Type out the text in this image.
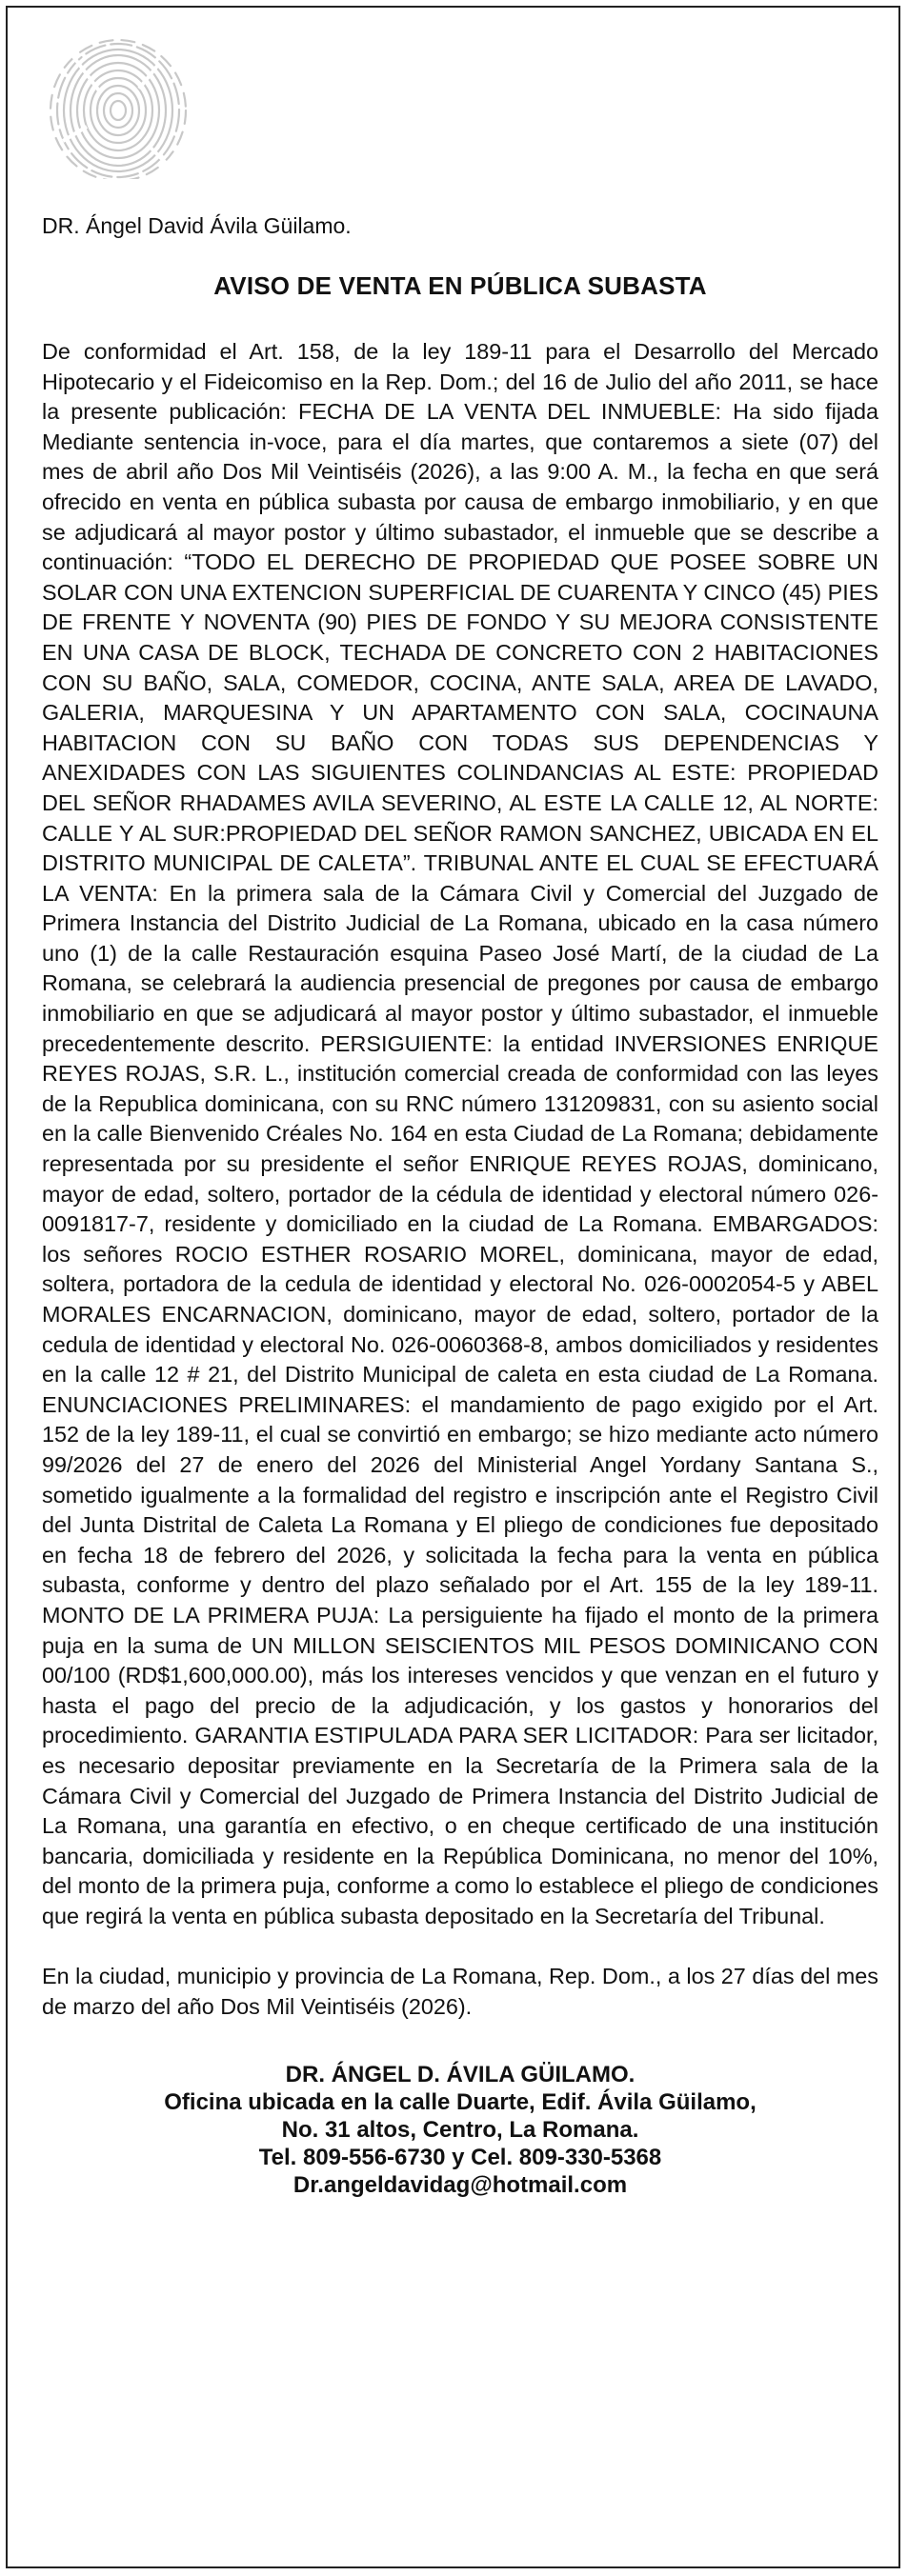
DR. Ángel David Ávila Güilamo.

AVISO DE VENTA EN PÚBLICA SUBASTA

De conformidad el Art. 158, de la ley 189-11 para el Desarrollo del Mercado Hipotecario y el Fideicomiso en la Rep. Dom.; del 16 de Julio del año 2011, se hace la presente publicación: FECHA DE LA VENTA DEL INMUEBLE: Ha sido fijada Mediante sentencia in-voce, para el día martes, que contaremos a siete (07) del mes de abril año Dos Mil Veintiséis (2026), a las 9:00 A. M., la fecha en que será ofrecido en venta en pública subasta por causa de embargo inmobiliario, y en que se adjudicará al mayor postor y último subastador, el inmueble que se describe a continuación: “TODO EL DERECHO DE PROPIEDAD QUE POSEE SOBRE UN SOLAR CON UNA EXTENCION SUPERFICIAL DE CUARENTA Y CINCO (45) PIES DE FRENTE Y NOVENTA (90) PIES DE FONDO Y SU MEJORA CONSISTENTE EN UNA CASA DE BLOCK, TECHADA DE CONCRETO CON 2 HABITACIONES CON SU BAÑO, SALA, COMEDOR, COCINA, ANTE SALA, AREA DE LAVADO, GALERIA, MARQUESINA Y UN APARTAMENTO CON SALA, COCINAUNA HABITACION CON SU BAÑO CON TODAS SUS DEPENDENCIAS Y ANEXIDADES CON LAS SIGUIENTES COLINDANCIAS AL ESTE: PROPIEDAD DEL SEÑOR RHADAMES AVILA SEVERINO, AL ESTE LA CALLE 12, AL NORTE: CALLE Y AL SUR:PROPIEDAD DEL SEÑOR RAMON SANCHEZ, UBICADA EN EL DISTRITO MUNICIPAL DE CALETA”. TRIBUNAL ANTE EL CUAL SE EFECTUARÁ LA VENTA: En la primera sala de la Cámara Civil y Comercial del Juzgado de Primera Instancia del Distrito Judicial de La Romana, ubicado en la casa número uno (1) de la calle Restauración esquina Paseo José Martí, de la ciudad de La Romana, se celebrará la audiencia presencial de pregones por causa de embargo inmobiliario en que se adjudicará al mayor postor y último subastador, el inmueble precedentemente descrito. PERSIGUIENTE: la entidad INVERSIONES ENRIQUE REYES ROJAS, S.R. L., institución comercial creada de conformidad con las leyes de la Republica dominicana, con su RNC número 131209831, con su asiento social en la calle Bienvenido Créales No. 164 en esta Ciudad de La Romana; debidamente representada por su presidente el señor ENRIQUE REYES ROJAS, dominicano, mayor de edad, soltero, portador de la cédula de identidad y electoral número 026-0091817-7, residente y domiciliado en la ciudad de La Romana. EMBARGADOS: los señores ROCIO ESTHER ROSARIO MOREL, dominicana, mayor de edad, soltera, portadora de la cedula de identidad y electoral No. 026-0002054-5 y ABEL MORALES ENCARNACION, dominicano, mayor de edad, soltero, portador de la cedula de identidad y electoral No. 026-0060368-8, ambos domiciliados y residentes en la calle 12 # 21, del Distrito Municipal de caleta en esta ciudad de La Romana. ENUNCIACIONES PRELIMINARES: el mandamiento de pago exigido por el Art. 152 de la ley 189-11, el cual se convirtió en embargo; se hizo mediante acto número 99/2026 del 27 de enero del 2026 del Ministerial Angel Yordany Santana S., sometido igualmente a la formalidad del registro e inscripción ante el Registro Civil del Junta Distrital de Caleta La Romana y El pliego de condiciones fue depositado en fecha 18 de febrero del 2026, y solicitada la fecha para la venta en pública subasta, conforme y dentro del plazo señalado por el Art. 155 de la ley 189-11. MONTO DE LA PRIMERA PUJA: La persiguiente ha fijado el monto de la primera puja en la suma de UN MILLON SEISCIENTOS MIL PESOS DOMINICANO CON 00/100 (RD$1,600,000.00), más los intereses vencidos y que venzan en el futuro y hasta el pago del precio de la adjudicación, y los gastos y honorarios del procedimiento. GARANTIA ESTIPULADA PARA SER LICITADOR: Para ser licitador, es necesario depositar previamente en la Secretaría de la Primera sala de la Cámara Civil y Comercial del Juzgado de Primera Instancia del Distrito Judicial de La Romana, una garantía en efectivo, o en cheque certificado de una institución bancaria, domiciliada y residente en la República Dominicana, no menor del 10%, del monto de la primera puja, conforme a como lo establece el pliego de condiciones que regirá la venta en pública subasta depositado en la Secretaría del Tribunal.

En la ciudad, municipio y provincia de La Romana, Rep. Dom., a los 27 días del mes de marzo del año Dos Mil Veintiséis (2026).

DR. ÁNGEL D. ÁVILA GÜILAMO.
Oficina ubicada en la calle Duarte, Edif. Ávila Güilamo,
No. 31 altos, Centro, La Romana.
Tel. 809-556-6730 y Cel. 809-330-5368
Dr.angeldavidag@hotmail.com
